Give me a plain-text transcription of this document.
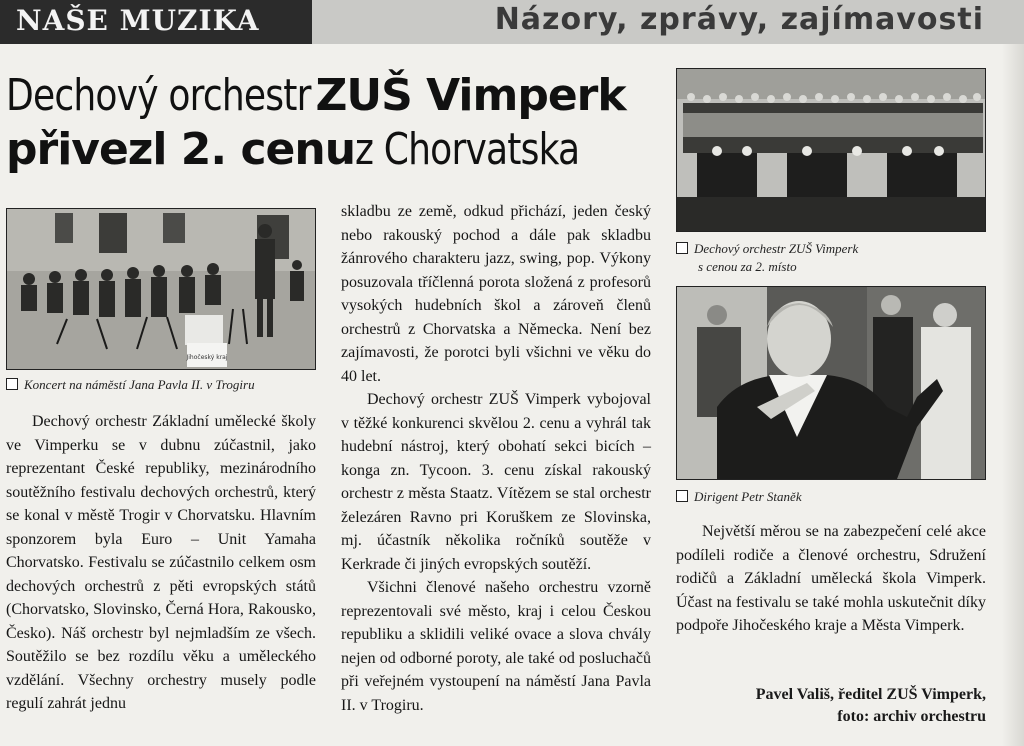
NAŠE MUZIKA	Názory, zprávy, zajímavosti
Dechový orchestrZUŠ Vimperk
přivezl 2. cenuz Chorvatska
Jihočeský kraj
Koncert na náměstí Jana Pavla II. v Trogiru
Dechový orchestr ZUŠ Vimperk
s cenou za 2. místo
Dirigent Petr Staněk

Dechový orchestr Základní umělecké školy ve Vimperku se v dubnu zúčastnil, jako reprezentant České republiky, mezinárodního soutěžního festivalu dechových orchestrů, který se konal v městě Trogir v Chorvatsku. Hlavním sponzorem byla Euro – Unit Yamaha Chorvatsko. Festivalu se zúčastnilo celkem osm dechových orchestrů z pěti evropských států (Chorvatsko, Slovinsko, Černá Hora, Rakousko, Česko). Náš orchestr byl nejmladším ze všech. Soutěžilo se bez rozdílu věku a uměleckého vzdělání. Všechny orchestry musely podle regulí zahrát jednu

skladbu ze země, odkud přichází, jeden český nebo rakouský pochod a dále pak skladbu žánrového charakteru jazz, swing, pop. Výkony posuzovala tříčlenná porota složená z profesorů vysokých hudebních škol a zároveň členů orchestrů z Chorvatska a Německa. Není bez zajímavosti, že porotci byli všichni ve věku do 40 let.

Dechový orchestr ZUŠ Vimperk vybojoval v těžké konkurenci skvělou 2. cenu a vyhrál tak hudební nástroj, který obohatí sekci bicích – konga zn. Tycoon. 3. cenu získal rakouský orchestr z města Staatz. Vítězem se stal orchestr železáren Ravno pri Koruškem ze Slovinska, mj. účastník několika ročníků soutěže v Kerkrade či jiných evropských soutěží.

Všichni členové našeho orchestru vzorně reprezentovali své město, kraj i celou Českou republiku a sklidili veliké ovace a slova chvály nejen od odborné poroty, ale také od posluchačů při veřejném vystoupení na náměstí Jana Pavla II. v Trogiru.

Největší měrou se na zabezpečení celé akce podíleli rodiče a členové orchestru, Sdružení rodičů a Základní umělecká škola Vimperk. Účast na festivalu se také mohla uskutečnit díky podpoře Jihočeského kraje a Města Vimperk.

Pavel Vališ, ředitel ZUŠ Vimperk,
foto: archiv orchestru
